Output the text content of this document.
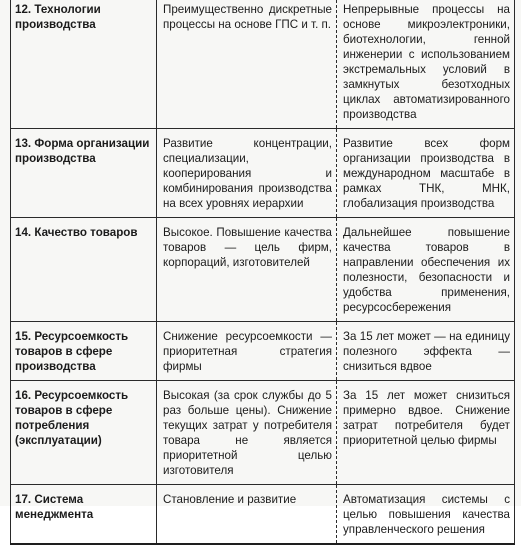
12. Технологии производства	Преимущественно дискретные процессы на основе ГПС и т. п.	Непрерывные процессы на основе микроэлектроники, биотехнологии, генной инженерии с использованием экстремальных условий в замкнутых безотходных циклах автоматизированного производства
13. Форма организации производства	Развитие концентрации, специализации, кооперирования и комбинирования производства на всех уровнях иерархии	Развитие всех форм организации производства в международном масштабе в рамках ТНК, МНК, глобализация производства
14. Качество товаров	Высокое. Повышение качества товаров — цель фирм, корпораций, изготовителей	Дальнейшее повышение качества товаров в направлении обеспечения их полезности, безопасности и удобства применения, ресурсосбережения
15. Ресурсоемкость товаров в сфере производства	Снижение ресурсоемкости — приоритетная стратегия фирмы	За 15 лет может — на единицу полезного эффекта — снизиться вдвое
16. Ресурсоемкость товаров в сфере потребления (эксплуатации)	Высокая (за срок службы до 5 раз больше цены). Снижение текущих затрат у потребителя товара не является приоритетной целью изготовителя	За 15 лет может снизиться примерно вдвое. Снижение затрат потребителя будет приоритетной целью фирмы
17. Система менеджмента	Становление и развитие	Автоматизация системы с целью повышения качества управленческого решения
